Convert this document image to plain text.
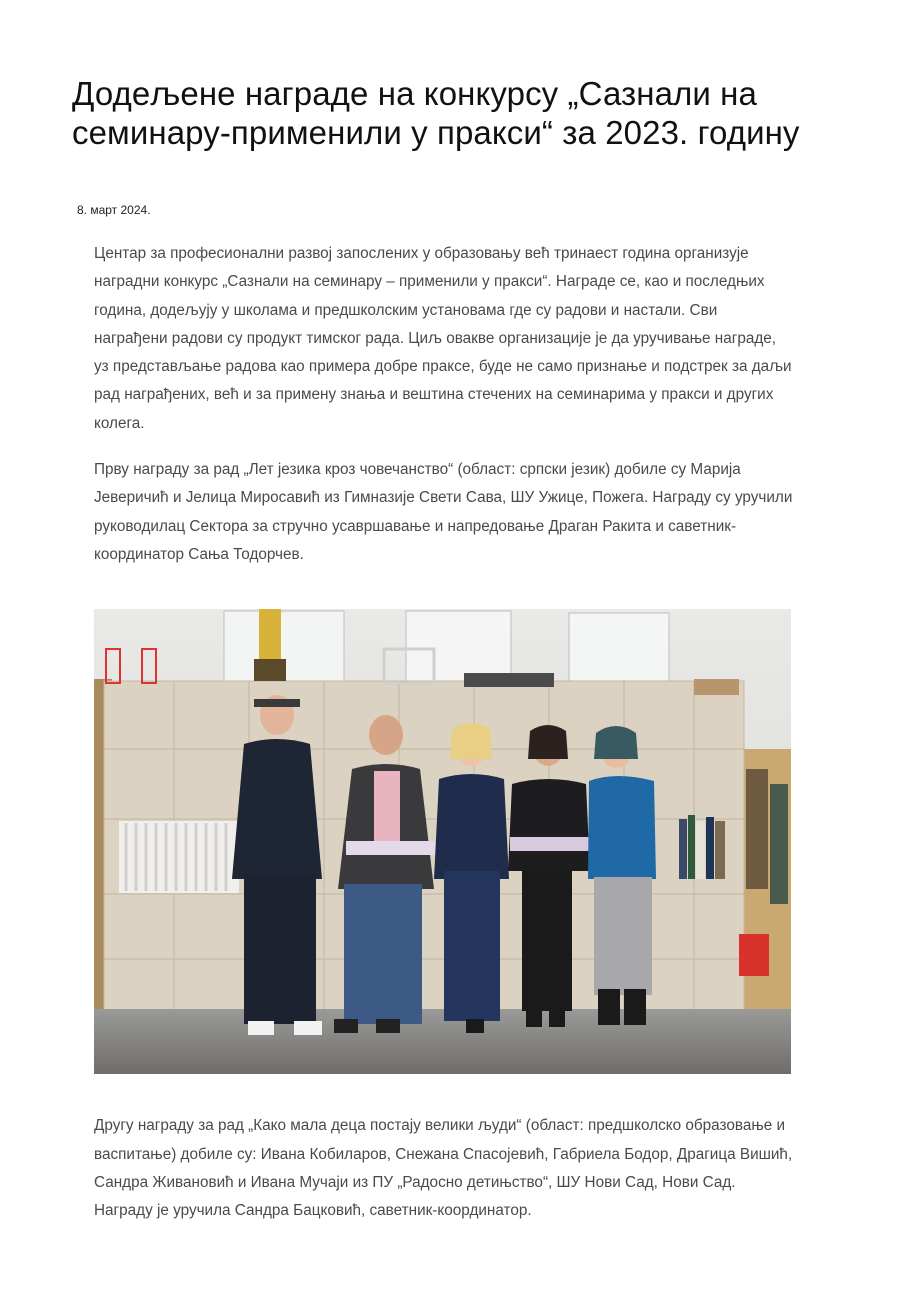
Додељене награде на конкурсу „Сазнали на семинару-применили у пракси“ за 2023. годину
8. март 2024.

Центар за професионални развој запослених у образовању већ тринаест година организује наградни конкурс „Сазнали на семинару – применили у пракси“. Награде се, као и последњих година, додељују у школама и предшколским установама где су радови и настали. Сви награђени радови су продукт тимског рада. Циљ овакве организације је да уручивање награде, уз представљање радова као примера добре праксе, буде не само признање и подстрек за даљи рад награђених, већ и за примену знања и вештина стечених на семинарима у пракси и других колега.

Прву награду за рад „Лет језика кроз човечанство“ (област: српски језик) добиле су Марија Јеверичић и Јелица Миросавић из Гимназије Свети Сава, ШУ Ужице, Пожега. Награду су уручили руководилац Сектора за стручно усавршавање и напредовање Драган Ракита и саветник-координатор Сања Тодорчев.

Другу награду за рад „Како мала деца постају велики људи“ (област: предшколско образовање и васпитање) добиле су: Ивана Кобиларов, Снежана Спасојевић, Габриела Бодор, Драгица Вишић, Сандра Живановић и Ивана Мучаји из ПУ „Радосно детињство“, ШУ Нови Сад, Нови Сад. Награду је уручила Сандра Бацковић, саветник-координатор.
